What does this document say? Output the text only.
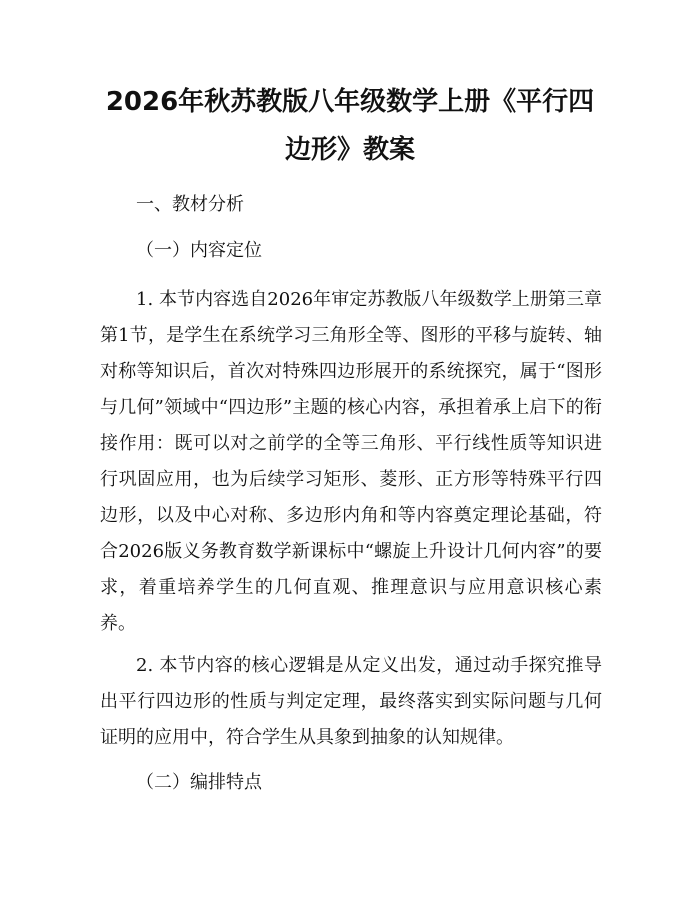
2026年秋苏教版八年级数学上册《平行四边形》教案

一、教材分析

（一）内容定位

1. 本节内容选自2026年审定苏教版八年级数学上册第三章第1节，是学生在系统学习三角形全等、图形的平移与旋转、轴对称等知识后，首次对特殊四边形展开的系统探究，属于“图形与几何”领域中“四边形”主题的核心内容，承担着承上启下的衔接作用：既可以对之前学的全等三角形、平行线性质等知识进行巩固应用，也为后续学习矩形、菱形、正方形等特殊平行四边形，以及中心对称、多边形内角和等内容奠定理论基础，符合2026版义务教育数学新课标中“螺旋上升设计几何内容”的要求，着重培养学生的几何直观、推理意识与应用意识核心素养。

2. 本节内容的核心逻辑是从定义出发，通过动手探究推导出平行四边形的性质与判定定理，最终落实到实际问题与几何证明的应用中，符合学生从具象到抽象的认知规律。

（二）编排特点
